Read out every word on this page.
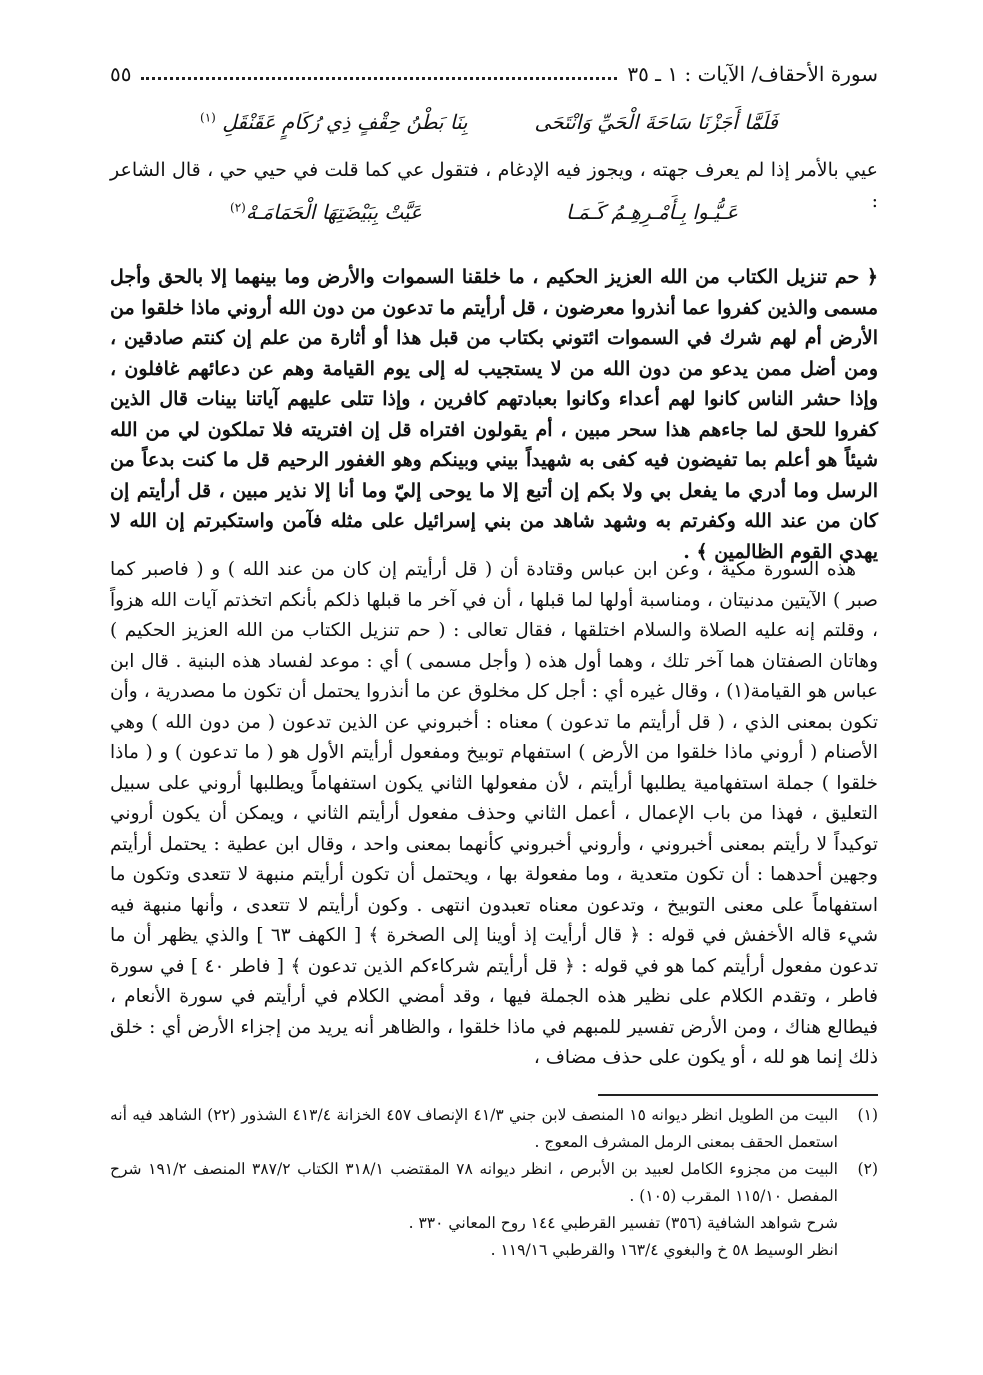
سورة الأحقاف/ الآيات : ١ ـ ٣٥
٥٥
فَلَمَّا أَجَزْنَا سَاحَةَ الْحَيِّ وَانْتَحَى
بِنَا بَطْنُ حِقْفٍ ذِي رُكَامٍ عَقَنْقَلِ $^{(١)}$
عيي بالأمر إذا لم يعرف جهته ، ويجوز فيه الإدغام ، فتقول عي كما قلت في حيي حي ، قال الشاعر :
عَـيُّـوا بِـأَمْـرِهِـمُ كَـمَـا
عَيَّتْ بِبَيْضَتِهَا الْحَمَامَـهْ$^{(٢)}$
﴿ حم تنزيل الكتاب من الله العزيز الحكيم ، ما خلقنا السموات والأرض وما بينهما إلا بالحق وأجل مسمى والذين كفروا عما أنذروا معرضون ، قل أرأيتم ما تدعون من دون الله أروني ماذا خلقوا من الأرض أم لهم شرك في السموات ائتوني بكتاب من قبل هذا أو أثارة من علم إن كنتم صادقين ، ومن أضل ممن يدعو من دون الله من لا يستجيب له إلى يوم القيامة وهم عن دعائهم غافلون ، وإذا حشر الناس كانوا لهم أعداء وكانوا بعبادتهم كافرين ، وإذا تتلى عليهم آياتنا بينات قال الذين كفروا للحق لما جاءهم هذا سحر مبين ، أم يقولون افتراه قل إن افتريته فلا تملكون لي من الله شيئاً هو أعلم بما تفيضون فيه كفى به شهيداً بيني وبينكم وهو الغفور الرحيم قل ما كنت بدعاً من الرسل وما أدري ما يفعل بي ولا بكم إن أتبع إلا ما يوحى إليّ وما أنا إلا نذير مبين ، قل أرأيتم إن كان من عند الله وكفرتم به وشهد شاهد من بني إسرائيل على مثله فآمن واستكبرتم إن الله لا يهدي القوم الظالمين ﴾ .
هذه السورة مكية ، وعن ابن عباس وقتادة أن ( قل أرأيتم إن كان من عند الله ) و ( فاصبر كما صبر ) الآيتين مدنيتان ، ومناسبة أولها لما قبلها ، أن في آخر ما قبلها ذلكم بأنكم اتخذتم آيات الله هزواً ، وقلتم إنه عليه الصلاة والسلام اختلقها ، فقال تعالى : ( حم تنزيل الكتاب من الله العزيز الحكيم ) وهاتان الصفتان هما آخر تلك ، وهما أول هذه ( وأجل مسمى ) أي : موعد لفساد هذه البنية . قال ابن عباس هو القيامة(١) ، وقال غيره أي : أجل كل مخلوق عن ما أنذروا يحتمل أن تكون ما مصدرية ، وأن تكون بمعنى الذي ، ( قل أرأيتم ما تدعون ) معناه : أخبروني عن الذين تدعون ( من دون الله ) وهي الأصنام ( أروني ماذا خلقوا من الأرض ) استفهام توبيخ ومفعول أرأيتم الأول هو ( ما تدعون ) و ( ماذا خلقوا ) جملة استفهامية يطلبها أرأيتم ، لأن مفعولها الثاني يكون استفهاماً ويطلبها أروني على سبيل التعليق ، فهذا من باب الإعمال ، أعمل الثاني وحذف مفعول أرأيتم الثاني ، ويمكن أن يكون أروني توكيداً لا رأيتم بمعنى أخبروني ، وأروني أخبروني كأنهما بمعنى واحد ، وقال ابن عطية : يحتمل أرأيتم وجهين أحدهما : أن تكون متعدية ، وما مفعولة بها ، ويحتمل أن تكون أرأيتم منبهة لا تتعدى وتكون ما استفهاماً على معنى التوبيخ ، وتدعون معناه تعبدون انتهى . وكون أرأيتم لا تتعدى ، وأنها منبهة فيه شيء قاله الأخفش في قوله : ﴿ قال أرأيت إذ أوينا إلى الصخرة ﴾ [ الكهف ٦٣ ] والذي يظهر أن ما تدعون مفعول أرأيتم كما هو في قوله : ﴿ قل أرأيتم شركاءكم الذين تدعون ﴾ [ فاطر ٤٠ ] في سورة فاطر ، وتقدم الكلام على نظير هذه الجملة فيها ، وقد أمضي الكلام في أرأيتم في سورة الأنعام ، فيطالع هناك ، ومن الأرض تفسير للمبهم في ماذا خلقوا ، والظاهر أنه يريد من إجزاء الأرض أي : خلق ذلك إنما هو لله ، أو يكون على حذف مضاف ،
(١)
البيت من الطويل انظر ديوانه ١٥ المنصف لابن جني ٤١/٣ الإنصاف ٤٥٧ الخزانة ٤١٣/٤ الشذور (٢٢) الشاهد فيه أنه استعمل الحقف بمعنى الرمل المشرف المعوج .
(٢)
البيت من مجزوء الكامل لعبيد بن الأبرص ، انظر ديوانه ٧٨ المقتضب ٣١٨/١ الكتاب ٣٨٧/٢ المنصف ١٩١/٢ شرح المفصل ١١٥/١٠ المقرب (١٠٥) .
شرح شواهد الشافية (٣٥٦) تفسير القرطبي ١٤٤ روح المعاني ٣٣٠ .
انظر الوسيط ٥٨ خ والبغوي ١٦٣/٤ والقرطبي ١١٩/١٦ .
